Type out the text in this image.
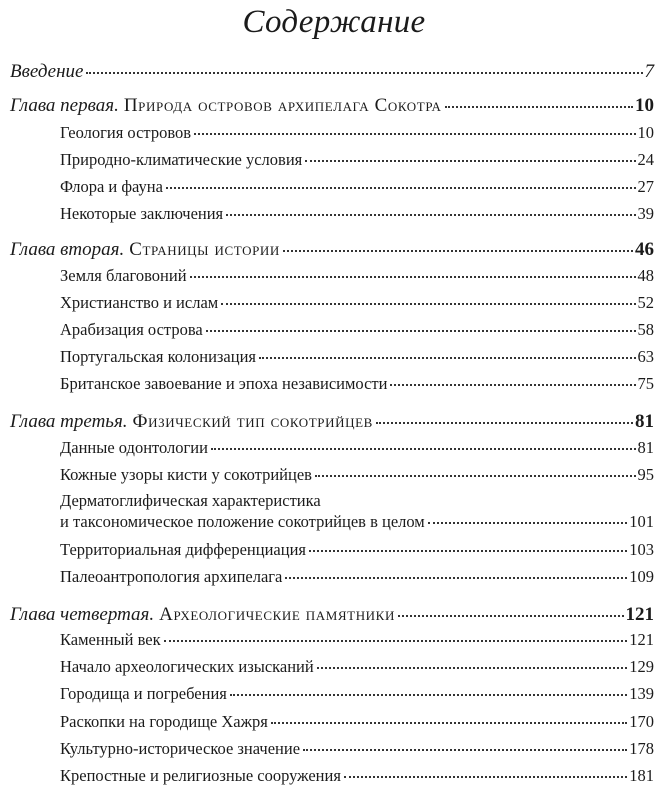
Содержание
Введение	7
Глава первая. Природа островов архипелага Сокотра	10
Геология островов	10
Природно-климатические условия	24
Флора и фауна	27
Некоторые заключения	39
Глава вторая. Страницы истории	46
Земля благовоний	48
Христианство и ислам	52
Арабизация острова	58
Португальская колонизация	63
Британское завоевание и эпоха независимости	75
Глава третья. Физический тип сокотрийцев	81
Данные одонтологии	81
Кожные узоры кисти у сокотрийцев	95
Дерматоглифическая характеристика
и таксономическое положение сокотрийцев в целом	101
Территориальная дифференциация	103
Палеоантропология архипелага	109
Глава четвертая. Археологические памятники	121
Каменный век	121
Начало археологических изысканий	129
Городища и погребения	139
Раскопки на городище Хажря	170
Культурно-историческое значение	178
Крепостные и религиозные сооружения	181
